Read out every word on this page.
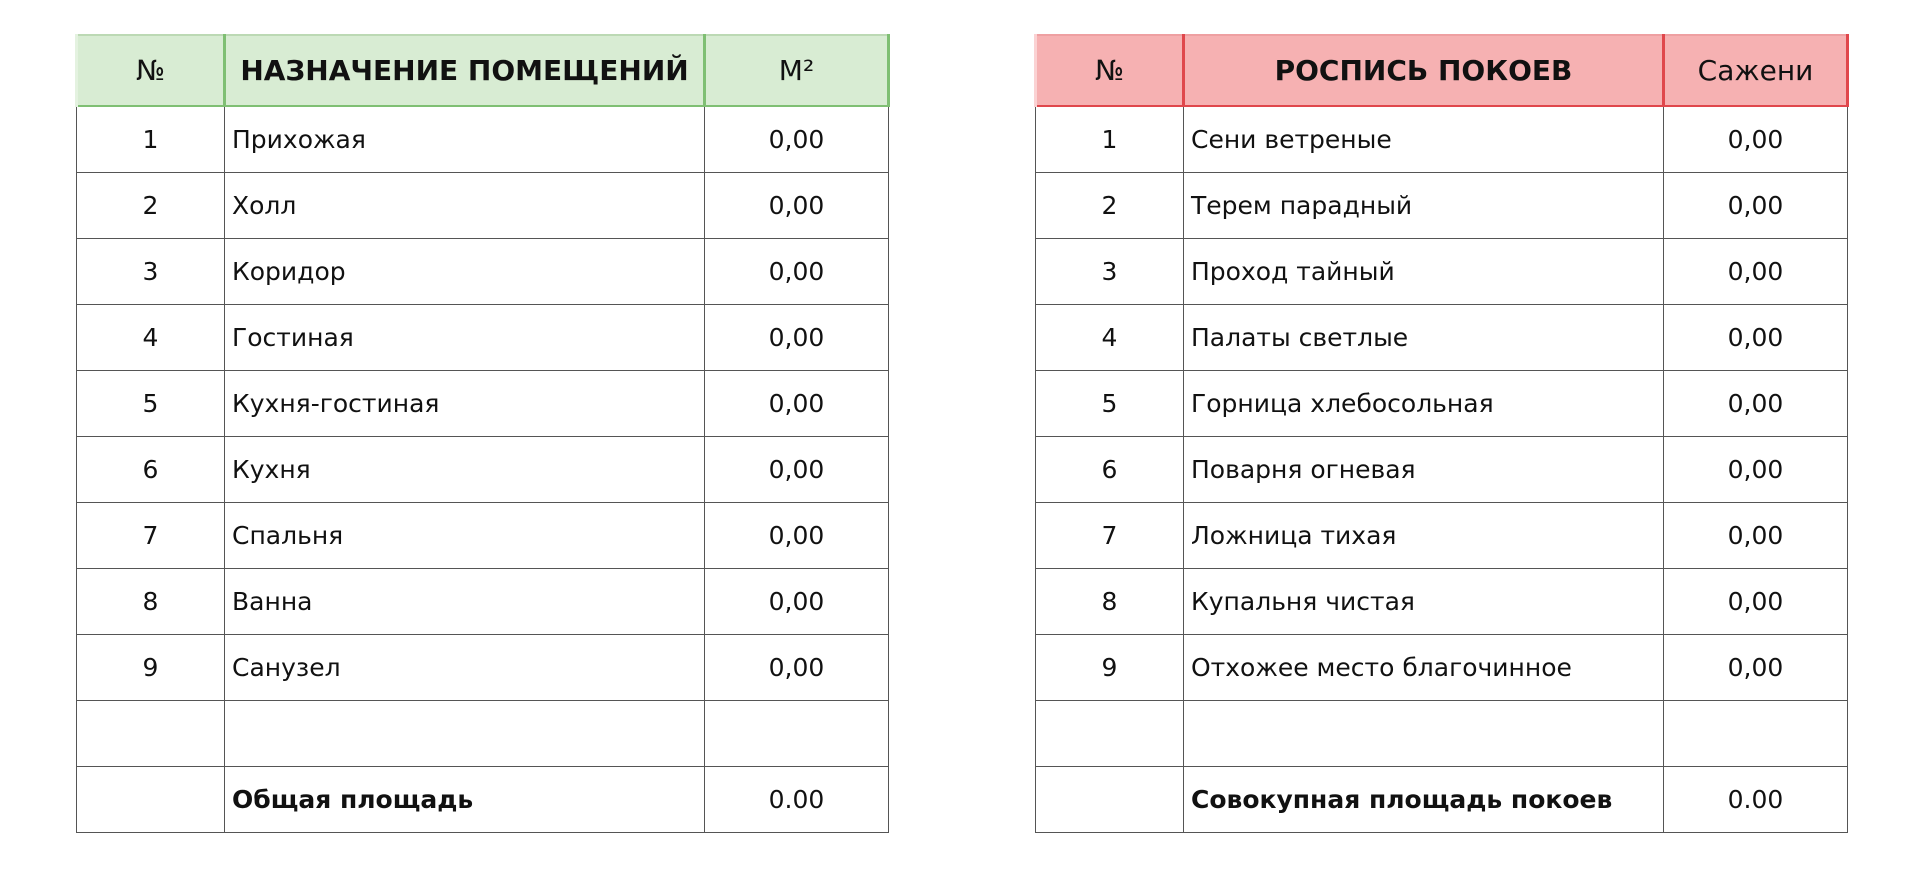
№	НАЗНАЧЕНИЕ ПОМЕЩЕНИЙ	М²
1	Прихожая	0,00
2	Холл	0,00
3	Коридор	0,00
4	Гостиная	0,00
5	Кухня-гостиная	0,00
6	Кухня	0,00
7	Спальня	0,00
8	Ванна	0,00
9	Санузел	0,00

	Общая площадь	0.00
№	РОСПИСЬ ПОКОЕВ	Сажени
1	Сени ветреные	0,00
2	Терем парадный	0,00
3	Проход тайный	0,00
4	Палаты светлые	0,00
5	Горница хлебосольная	0,00
6	Поварня огневая	0,00
7	Ложница тихая	0,00
8	Купальня чистая	0,00
9	Отхожее место благочинное	0,00

	Совокупная площадь покоев	0.00
